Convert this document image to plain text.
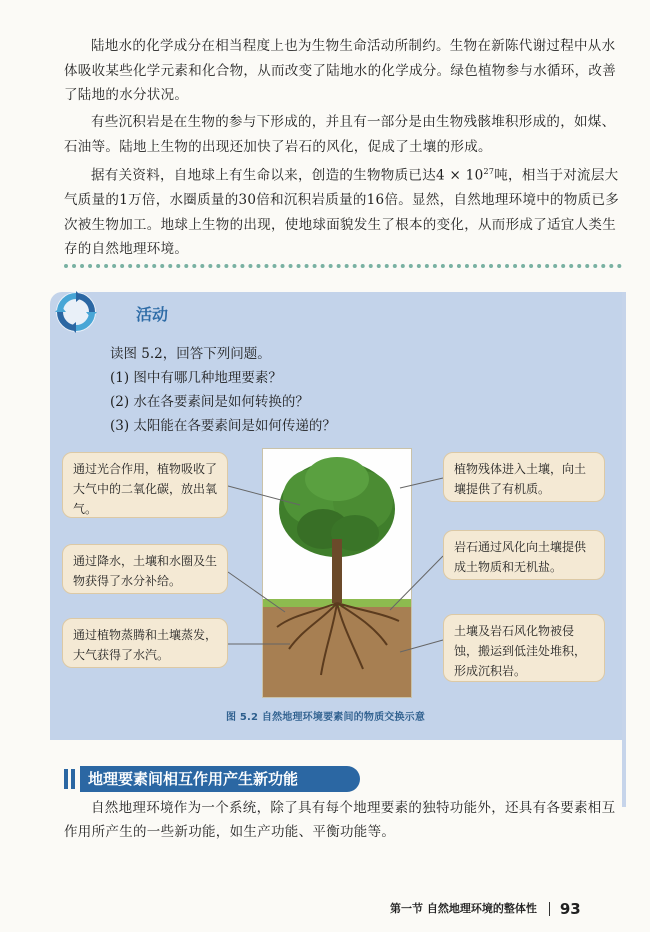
陆地水的化学成分在相当程度上也为生物生命活动所制约。生物在新陈代谢过程中从水体吸收某些化学元素和化合物，从而改变了陆地水的化学成分。绿色植物参与水循环，改善了陆地的水分状况。

有些沉积岩是在生物的参与下形成的，并且有一部分是由生物残骸堆积形成的，如煤、石油等。陆地上生物的出现还加快了岩石的风化，促成了土壤的形成。

据有关资料，自地球上有生命以来，创造的生物物质已达$4 \times 10^{27}$吨，相当于对流层大气质量的1万倍，水圈质量的30倍和沉积岩质量的16倍。显然，自然地理环境中的物质已多次被生物加工。地球上生物的出现，使地球面貌发生了根本的变化，从而形成了适宜人类生存的自然地理环境。

活动
读图 5.2，回答下列问题。
(1) 图中有哪几种地理要素？
(2) 水在各要素间是如何转换的？
(3) 太阳能在各要素间是如何传递的？
通过光合作用，植物吸收了大气中的二氧化碳，放出氧气。
通过降水，土壤和水圈及生物获得了水分补给。
通过植物蒸腾和土壤蒸发，大气获得了水汽。
植物残体进入土壤，向土壤提供了有机质。
岩石通过风化向土壤提供成土物质和无机盐。
土壤及岩石风化物被侵蚀，搬运到低洼处堆积，形成沉积岩。
图 5.2 自然地理环境要素间的物质交换示意
地理要素间相互作用产生新功能

自然地理环境作为一个系统，除了具有每个地理要素的独特功能外，还具有各要素相互作用所产生的一些新功能，如生产功能、平衡功能等。

第一节 自然地理环境的整体性 93
